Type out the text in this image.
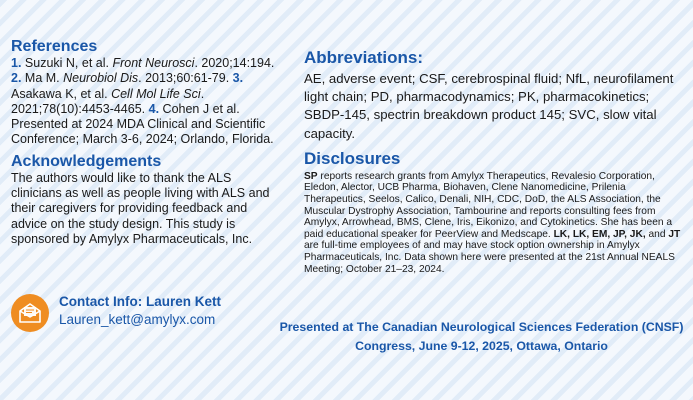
References

1. Suzuki N, et al. Front Neurosci. 2020;14:194. 2. Ma M. Neurobiol Dis. 2013;60:61-79. 3. Asakawa K, et al. Cell Mol Life Sci. 2021;78(10):4453-4465. 4. Cohen J et al. Presented at 2024 MDA Clinical and Scientific Conference; March 3-6, 2024; Orlando, Florida.

Acknowledgements

The authors would like to thank the ALS clinicians as well as people living with ALS and their caregivers for providing feedback and advice on the study design. This study is sponsored by Amylyx Pharmaceuticals, Inc.

Contact Info: Lauren Kett
Lauren_kett@amylyx.com
Abbreviations:

AE, adverse event; CSF, cerebrospinal fluid; NfL, neurofilament light chain; PD, pharmacodynamics; PK, pharmacokinetics; SBDP-145, spectrin breakdown product 145; SVC, slow vital capacity.

Disclosures

SP reports research grants from Amylyx Therapeutics, Revalesio Corporation, Eledon, Alector, UCB Pharma, Biohaven, Clene Nanomedicine, Prilenia Therapeutics, Seelos, Calico, Denali, NIH, CDC, DoD, the ALS Association, the Muscular Dystrophy Association, Tambourine and reports consulting fees from Amylyx, Arrowhead, BMS, Clene, Iris, Eikonizo, and Cytokinetics. She has been a paid educational speaker for PeerView and Medscape. LK, LK, EM, JP, JK, and JT are full-time employees of and may have stock option ownership in Amylyx Pharmaceuticals, Inc. Data shown here were presented at the 21st Annual NEALS Meeting; October 21–23, 2024.

Presented at The Canadian Neurological Sciences Federation (CNSF)
Congress, June 9-12, 2025, Ottawa, Ontario
